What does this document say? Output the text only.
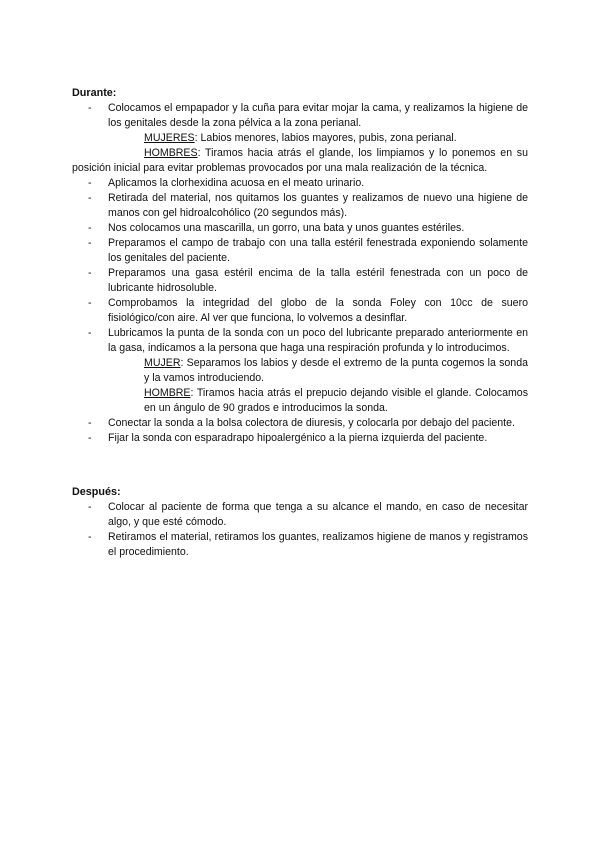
Durante:

- Colocamos el empapador y la cuña para evitar mojar la cama, y realizamos la higiene de los genitales desde la zona pélvica a la zona perianal.
MUJERES: Labios menores, labios mayores, pubis, zona perianal.
HOMBRES: Tiramos hacia atrás el glande, los limpiamos y lo ponemos en su posición inicial para evitar problemas provocados por una mala realización de la técnica.
- Aplicamos la clorhexidina acuosa en el meato urinario.
- Retirada del material, nos quitamos los guantes y realizamos de nuevo una higiene de manos con gel hidroalcohólico (20 segundos más).
- Nos colocamos una mascarilla, un gorro, una bata y unos guantes estériles.
- Preparamos el campo de trabajo con una talla estéril fenestrada exponiendo solamente los genitales del paciente.
- Preparamos una gasa estéril encima de la talla estéril fenestrada con un poco de lubricante hidrosoluble.
- Comprobamos la integridad del globo de la sonda Foley con 10cc de suero fisiológico/con aire. Al ver que funciona, lo volvemos a desinflar.
- Lubricamos la punta de la sonda con un poco del lubricante preparado anteriormente en la gasa, indicamos a la persona que haga una respiración profunda y lo introducimos.
MUJER: Separamos los labios y desde el extremo de la punta cogemos la sonda y la vamos introduciendo.
HOMBRE: Tiramos hacia atrás el prepucio dejando visible el glande. Colocamos en un ángulo de 90 grados e introducimos la sonda.
- Conectar la sonda a la bolsa colectora de diuresis, y colocarla por debajo del paciente.
- Fijar la sonda con esparadrapo hipoalergénico a la pierna izquierda del paciente.

Después:

- Colocar al paciente de forma que tenga a su alcance el mando, en caso de necesitar algo, y que esté cómodo.
- Retiramos el material, retiramos los guantes, realizamos higiene de manos y registramos el procedimiento.
